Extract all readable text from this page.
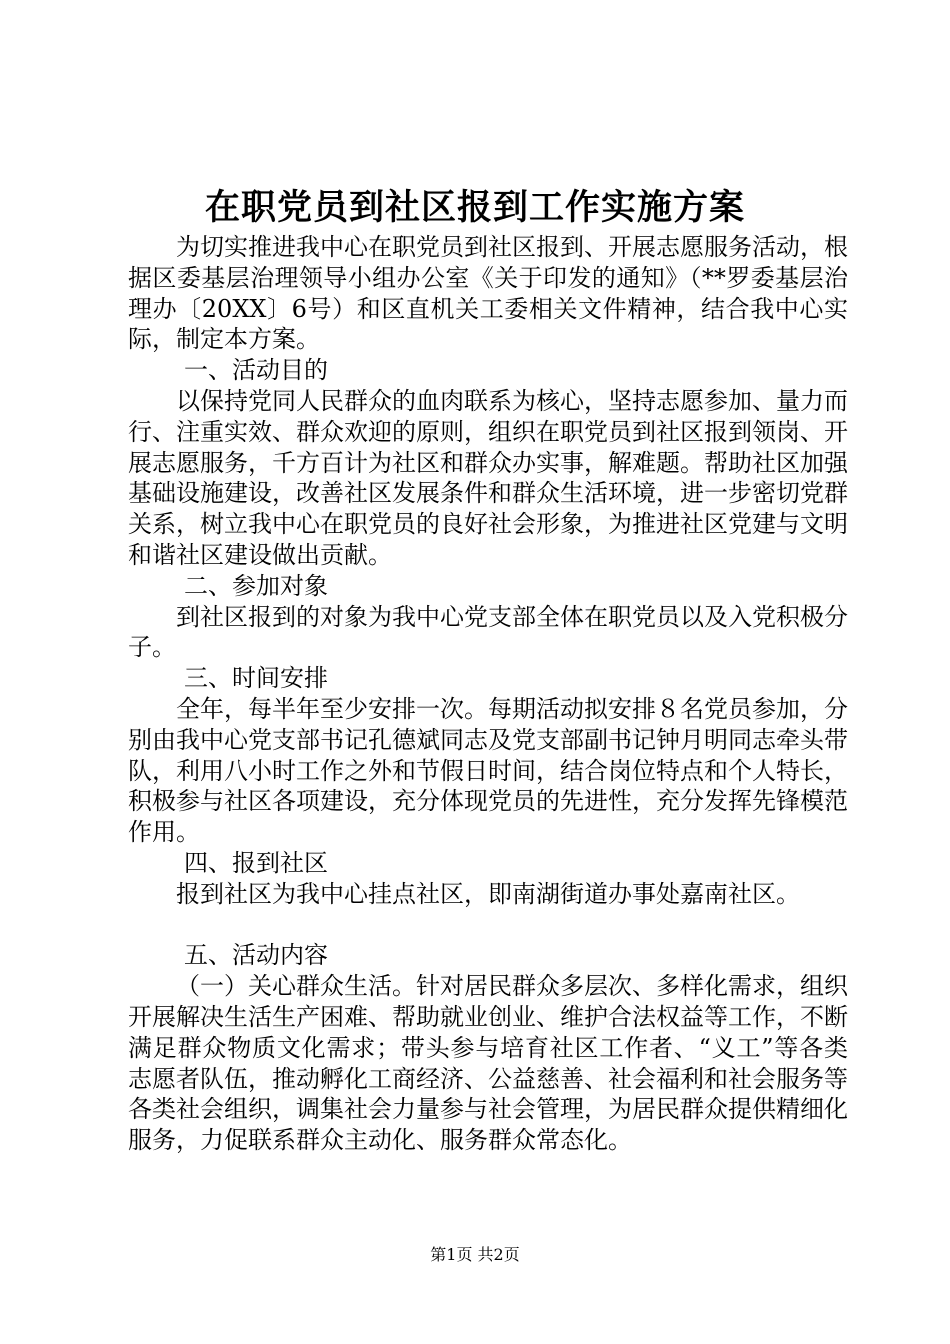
在职党员到社区报到工作实施方案

为切实推进我中心在职党员到社区报到、开展志愿服务活动，根据区委基层治理领导小组办公室《关于印发的通知》（**罗委基层治理办〔20XX〕6号）和区直机关工委相关文件精神，结合我中心实际，制定本方案。

一、活动目的

以保持党同人民群众的血肉联系为核心，坚持志愿参加、量力而行、注重实效、群众欢迎的原则，组织在职党员到社区报到领岗、开展志愿服务，千方百计为社区和群众办实事，解难题。帮助社区加强基础设施建设，改善社区发展条件和群众生活环境，进一步密切党群关系，树立我中心在职党员的良好社会形象，为推进社区党建与文明和谐社区建设做出贡献。

二、参加对象

到社区报到的对象为我中心党支部全体在职党员以及入党积极分子。

三、时间安排

全年，每半年至少安排一次。每期活动拟安排８名党员参加，分别由我中心党支部书记孔德斌同志及党支部副书记钟月明同志牵头带队，利用八小时工作之外和节假日时间，结合岗位特点和个人特长，积极参与社区各项建设，充分体现党员的先进性，充分发挥先锋模范作用。

四、报到社区

报到社区为我中心挂点社区，即南湖街道办事处嘉南社区。

五、活动内容

（一）关心群众生活。针对居民群众多层次、多样化需求，组织开展解决生活生产困难、帮助就业创业、维护合法权益等工作，不断满足群众物质文化需求；带头参与培育社区工作者、“义工”等各类志愿者队伍，推动孵化工商经济、公益慈善、社会福利和社会服务等各类社会组织，调集社会力量参与社会管理，为居民群众提供精细化服务，力促联系群众主动化、服务群众常态化。

第1页 共2页
